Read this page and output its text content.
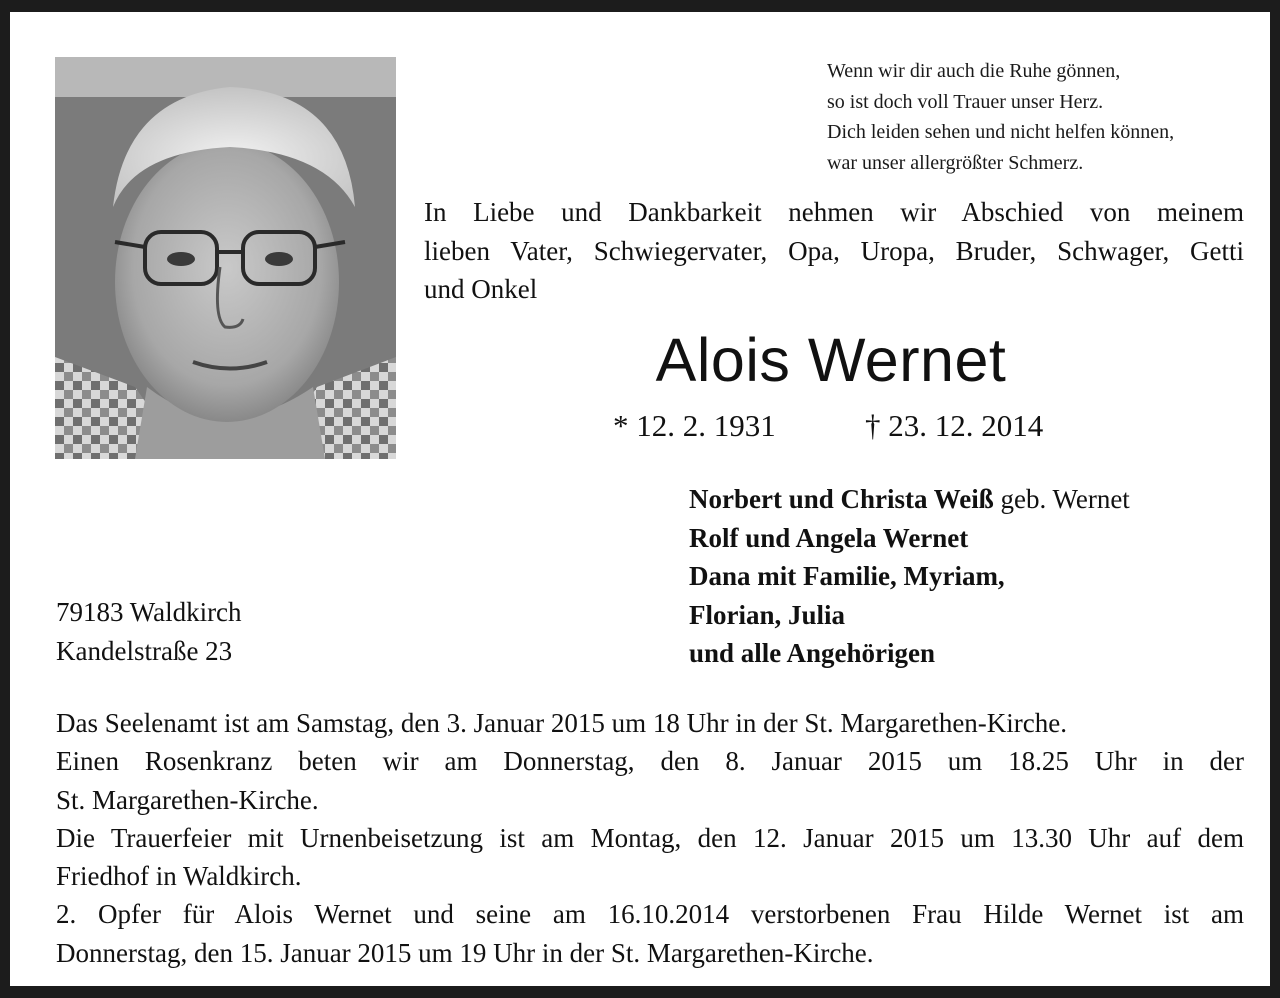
Wenn wir dir auch die Ruhe gönnen,
so ist doch voll Trauer unser Herz.
Dich leiden sehen und nicht helfen können,
war unser allergrößter Schmerz.
In Liebe und Dankbarkeit nehmen wir Abschied von meinem
lieben Vater, Schwiegervater, Opa, Uropa, Bruder, Schwager, Getti
und Onkel
Alois Wernet
* 12. 2. 1931	† 23. 12. 2014
Norbert und Christa Weiß geb. Wernet
Rolf und Angela Wernet
Dana mit Familie, Myriam,
Florian, Julia
und alle Angehörigen
79183 Waldkirch
Kandelstraße 23
Das Seelenamt ist am Samstag, den 3. Januar 2015 um 18 Uhr in der St. Margarethen-Kirche.
Einen Rosenkranz beten wir am Donnerstag, den 8. Januar 2015 um 18.25 Uhr in der
St. Margarethen-Kirche.
Die Trauerfeier mit Urnenbeisetzung ist am Montag, den 12. Januar 2015 um 13.30 Uhr auf dem
Friedhof in Waldkirch.
2. Opfer für Alois Wernet und seine am 16.10.2014 verstorbenen Frau Hilde Wernet ist am
Donnerstag, den 15. Januar 2015 um 19 Uhr in der St. Margarethen-Kirche.
